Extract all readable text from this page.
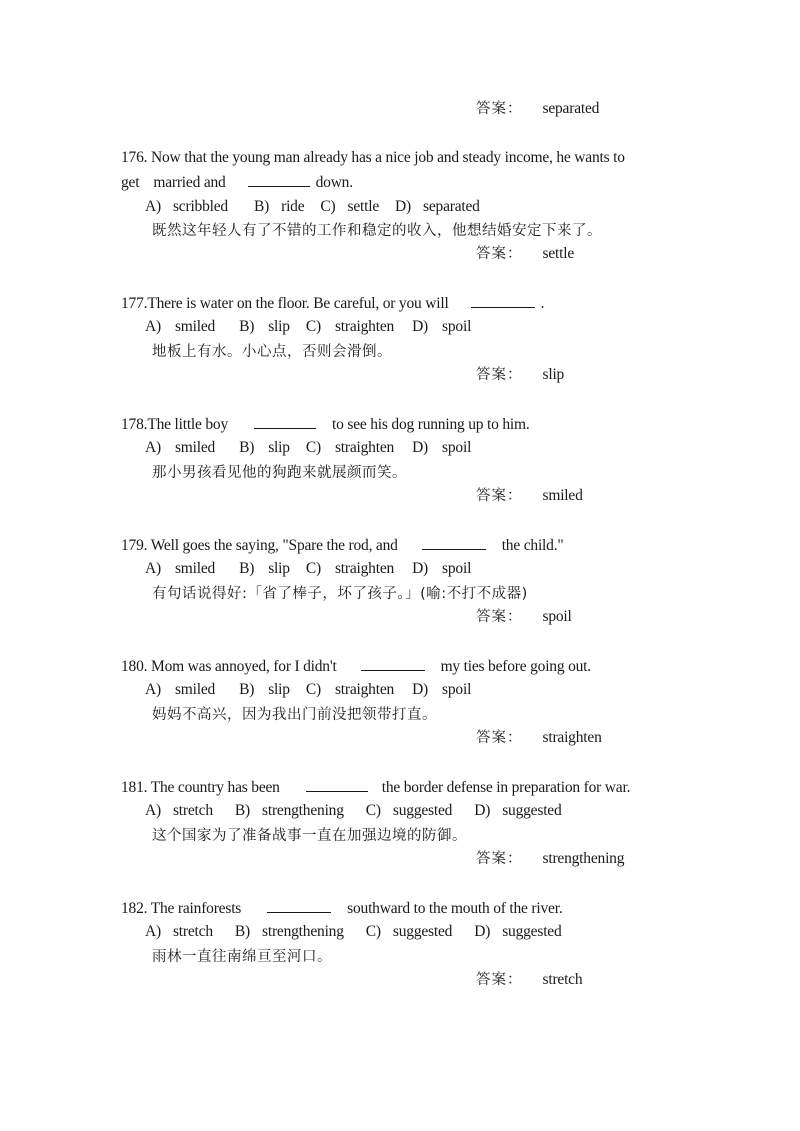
答案： separated
176. Now that the young man already has a nice job and steady income, he wants to
get married and	down.
A) scribbled B) ride C) settle D) separated
既然这年轻人有了不错的工作和稳定的收入，他想结婚安定下来了。
答案： settle
177.There is water on the floor. Be careful, or you will	.
A) smiled B) slip C) straighten D) spoil
地板上有水。小心点，否则会滑倒。
答案： slip
178.The little boy	to see his dog running up to him.
A) smiled B) slip C) straighten D) spoil
那小男孩看见他的狗跑来就展颜而笑。
答案： smiled
179. Well goes the saying, "Spare the rod, and	the child."
A) smiled B) slip C) straighten D) spoil
有句话说得好:「省了棒子，坏了孩子。」(喻:不打不成器)
答案： spoil
180. Mom was annoyed, for I didn't	my ties before going out.
A) smiled B) slip C) straighten D) spoil
妈妈不高兴，因为我出门前没把领带打直。
答案： straighten
181. The country has been	the border defense in preparation for war.
A) stretch B) strengthening C) suggested D) suggested
这个国家为了准备战事一直在加强边境的防御。
答案： strengthening
182. The rainforests	southward to the mouth of the river.
A) stretch B) strengthening C) suggested D) suggested
雨林一直往南绵亘至河口。
答案： stretch
